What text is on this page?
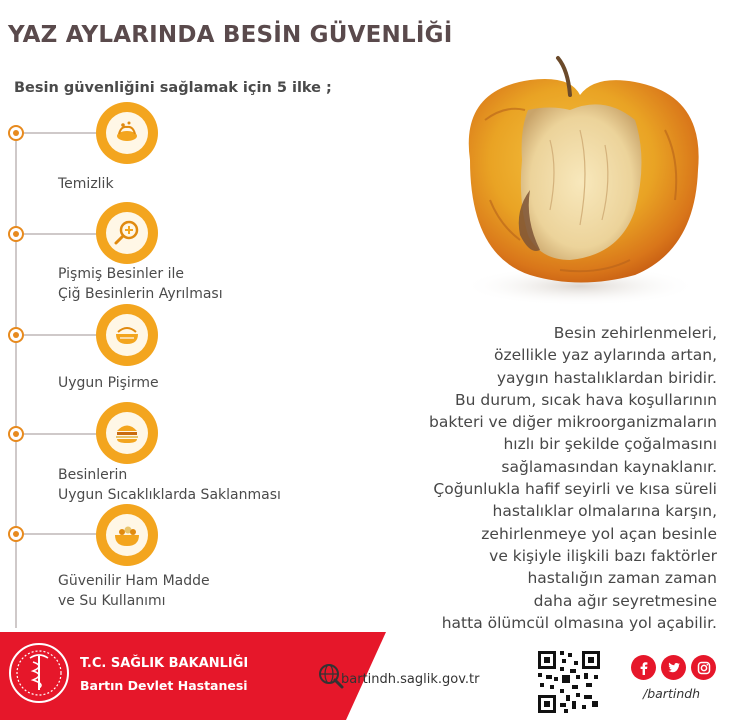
YAZ AYLARINDA BESİN GÜVENLİĞİ
Besin güvenliğini sağlamak için 5 ilke ;
Temizlik
Pişmiş Besinler ile
Çiğ Besinlerin Ayrılması
Uygun Pişirme
Besinlerin
Uygun Sıcaklıklarda Saklanması
Güvenilir Ham Madde
ve Su Kullanımı
Besin zehirlenmeleri,
özellikle yaz aylarında artan,
yaygın hastalıklardan biridir.
Bu durum, sıcak hava koşullarının
bakteri ve diğer mikroorganizmaların
hızlı bir şekilde çoğalmasını
sağlamasından kaynaklanır.
Çoğunlukla hafif seyirli ve kısa süreli
hastalıklar olmalarına karşın,
zehirlenmeye yol açan besinle
ve kişiyle ilişkili bazı faktörler
hastalığın zaman zaman
daha ağır seyretmesine
hatta ölümcül olmasına yol açabilir.
T.C. SAĞLIK BAKANLIĞI
Bartın Devlet Hastanesi	bartindh.saglik.gov.tr
/bartindh
